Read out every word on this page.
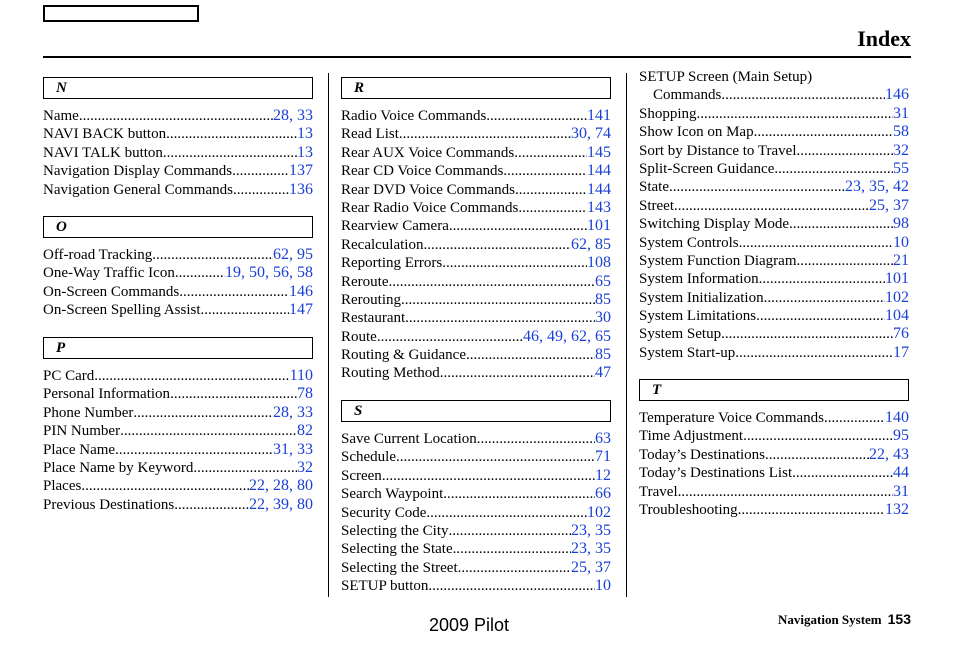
Index
N
Name .....	28, 33
NAVI BACK button .....	13
NAVI TALK button .....	13
Navigation Display Commands .....	137
Navigation General Commands .....	136
O
Off-road Tracking .....	62, 95
One-Way Traffic Icon .....	19, 50, 56, 58
On-Screen Commands .....	146
On-Screen Spelling Assist .....	147
P
PC Card .....	110
Personal Information .....	78
Phone Number .....	28, 33
PIN Number .....	82
Place Name .....	31, 33
Place Name by Keyword .....	32
Places .....	22, 28, 80
Previous Destinations .....	22, 39, 80
R
Radio Voice Commands .....	141
Read List .....	30, 74
Rear AUX Voice Commands .....	145
Rear CD Voice Commands .....	144
Rear DVD Voice Commands .....	144
Rear Radio Voice Commands .....	143
Rearview Camera .....	101
Recalculation .....	62, 85
Reporting Errors .....	108
Reroute .....	65
Rerouting .....	85
Restaurant .....	30
Route .....	46, 49, 62, 65
Routing & Guidance .....	85
Routing Method .....	47
S
Save Current Location .....	63
Schedule .....	71
Screen .....	12
Search Waypoint .....	66
Security Code .....	102
Selecting the City .....	23, 35
Selecting the State .....	23, 35
Selecting the Street .....	25, 37
SETUP button .....	10
SETUP Screen (Main Setup)
Commands .....	146
Shopping .....	31
Show Icon on Map .....	58
Sort by Distance to Travel .....	32
Split-Screen Guidance .....	55
State .....	23, 35, 42
Street .....	25, 37
Switching Display Mode .....	98
System Controls .....	10
System Function Diagram .....	21
System Information .....	101
System Initialization .....	102
System Limitations .....	104
System Setup .....	76
System Start-up .....	17
T
Temperature Voice Commands .....	140
Time Adjustment .....	95
Today’s Destinations .....	22, 43
Today’s Destinations List .....	44
Travel .....	31
Troubleshooting .....	132
2009 Pilot	Navigation System 153
